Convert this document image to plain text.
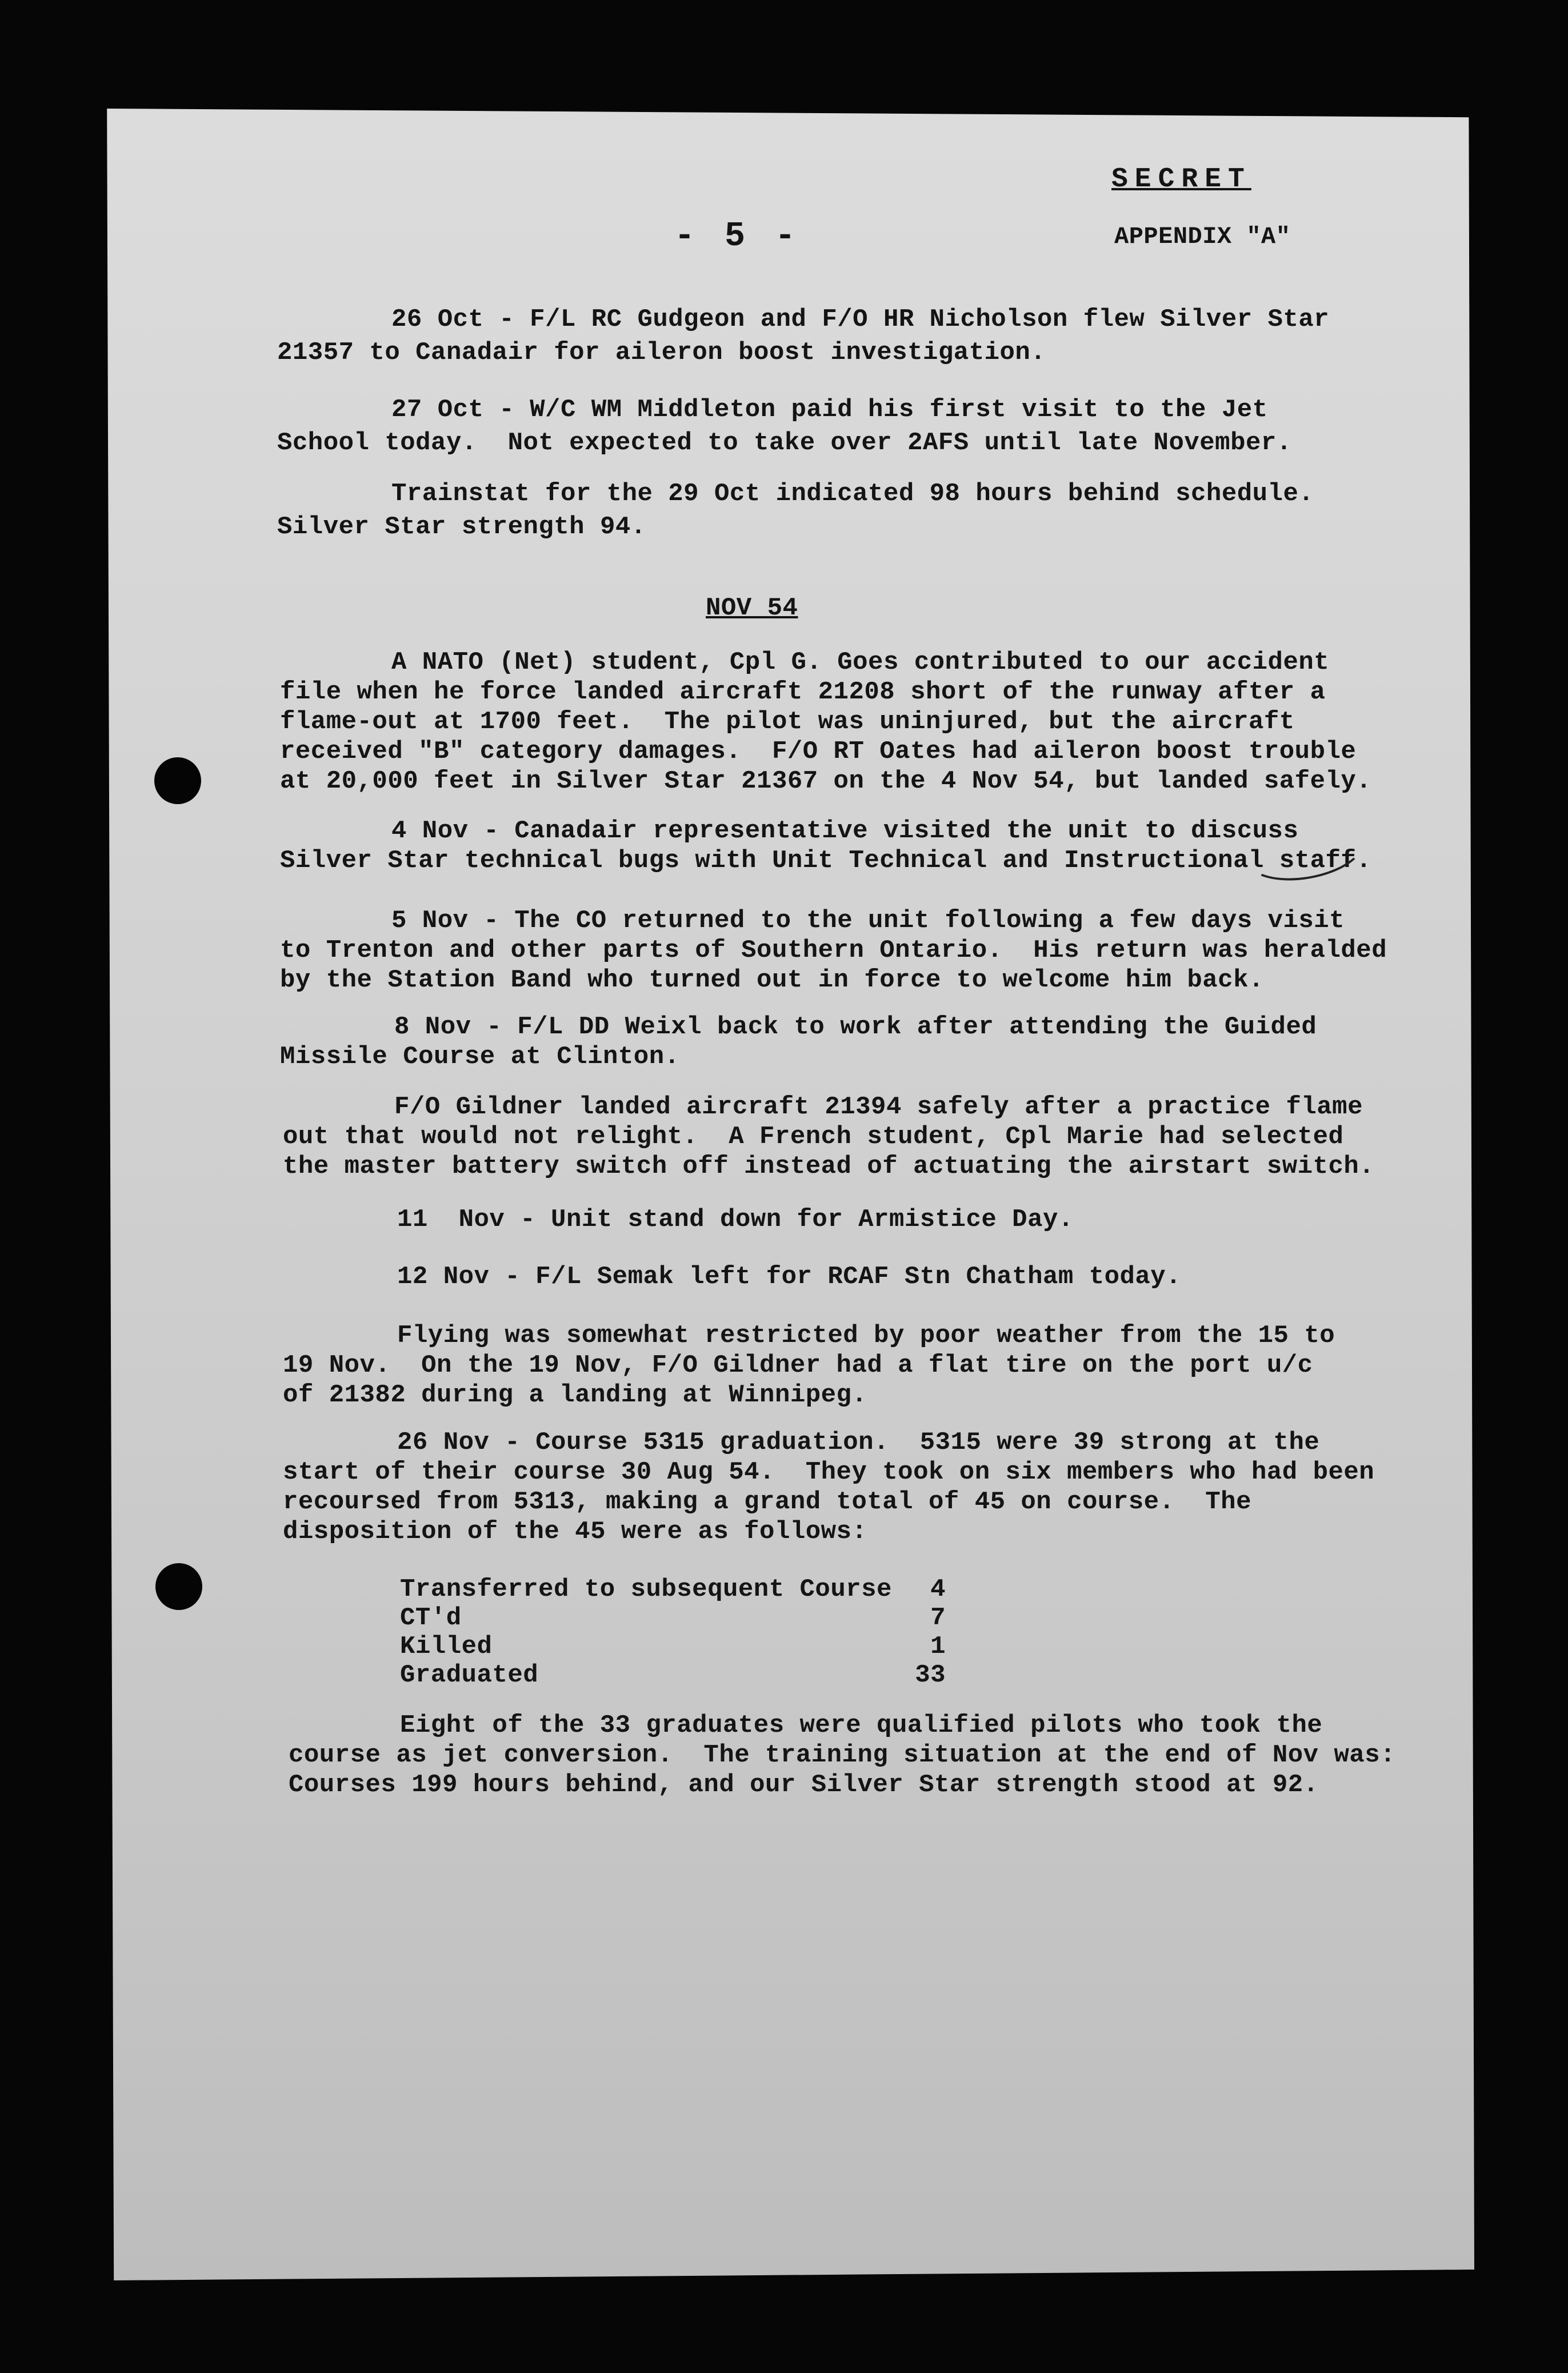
SECRET
APPENDIX "A"
- 5 -
26 Oct - F/L RC Gudgeon and F/O HR Nicholson flew Silver Star
21357 to Canadair for aileron boost investigation.
27 Oct - W/C WM Middleton paid his first visit to the Jet
School today.  Not expected to take over 2AFS until late November.
Trainstat for the 29 Oct indicated 98 hours behind schedule.
Silver Star strength 94.
NOV 54
A NATO (Net) student, Cpl G. Goes contributed to our accident
file when he force landed aircraft 21208 short of the runway after a
flame-out at 1700 feet.  The pilot was uninjured, but the aircraft
received "B" category damages.  F/O RT Oates had aileron boost trouble
at 20,000 feet in Silver Star 21367 on the 4 Nov 54, but landed safely.
4 Nov - Canadair representative visited the unit to discuss
Silver Star technical bugs with Unit Technical and Instructional staff.
5 Nov - The CO returned to the unit following a few days visit
to Trenton and other parts of Southern Ontario.  His return was heralded
by the Station Band who turned out in force to welcome him back.
8 Nov - F/L DD Weixl back to work after attending the Guided
Missile Course at Clinton.
F/O Gildner landed aircraft 21394 safely after a practice flame
out that would not relight.  A French student, Cpl Marie had selected
the master battery switch off instead of actuating the airstart switch.
11  Nov - Unit stand down for Armistice Day.
12 Nov - F/L Semak left for RCAF Stn Chatham today.
Flying was somewhat restricted by poor weather from the 15 to
19 Nov.  On the 19 Nov, F/O Gildner had a flat tire on the port u/c
of 21382 during a landing at Winnipeg.
26 Nov - Course 5315 graduation.  5315 were 39 strong at the
start of their course 30 Aug 54.  They took on six members who had been
recoursed from 5313, making a grand total of 45 on course.  The
disposition of the 45 were as follows:
Transferred to subsequent Course	4
CT'd	7
Killed	1
Graduated	33
Eight of the 33 graduates were qualified pilots who took the
course as jet conversion.  The training situation at the end of Nov was:
Courses 199 hours behind, and our Silver Star strength stood at 92.
